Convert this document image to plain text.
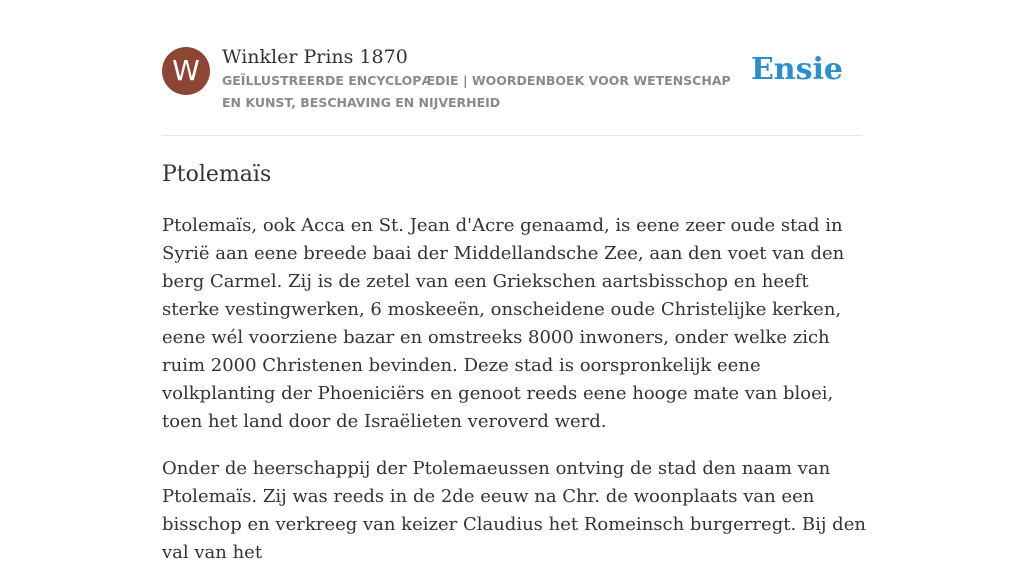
W	Winkler Prins 1870
GEÏLLUSTREERDE ENCYCLOPÆDIE | WOORDENBOEK VOOR WETENSCHAP EN KUNST, BESCHAVING EN NIJVERHEID
Ensie
Ptolemaïs

Ptolemaïs, ook Acca en St. Jean d'Acre genaamd, is eene zeer oude stad in Syrië aan eene breede baai der Middellandsche Zee, aan den voet van den berg Carmel. Zij is de zetel van een Griekschen aartsbisschop en heeft sterke vestingwerken, 6 moskeeën, onscheidene oude Christelijke kerken, eene wél voorziene bazar en omstreeks 8000 inwoners, onder welke zich ruim 2000 Christenen bevinden. Deze stad is oorspronkelijk eene volkplanting der Phoeniciërs en genoot reeds eene hooge mate van bloei, toen het land door de Israëlieten veroverd werd.

Onder de heerschappij der Ptolemaeussen ontving de stad den naam van Ptolemaïs. Zij was reeds in de 2de eeuw na Chr. de woonplaats van een bisschop en verkreeg van keizer Claudius het Romeinsch burgerregt. Bij den val van het
